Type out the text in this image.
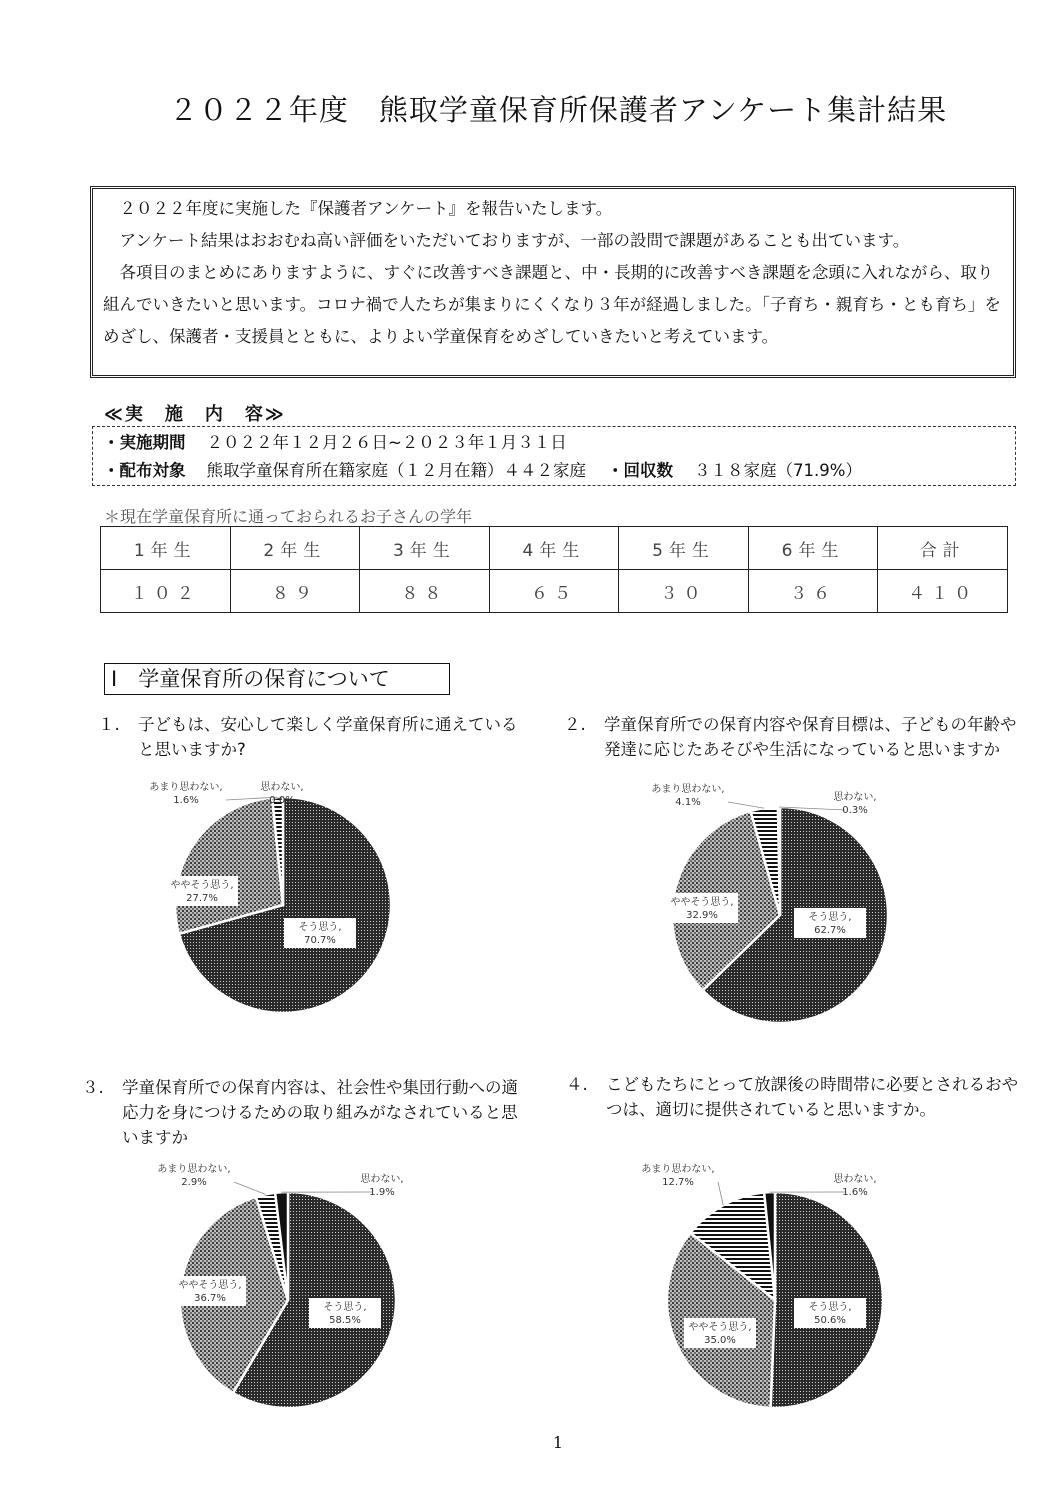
２０２２年度　熊取学童保育所保護者アンケート集計結果

２０２２年度に実施した『保護者アンケート』を報告いたします。

アンケート結果はおおむね高い評価をいただいておりますが、一部の設問で課題があることも出ています。

各項目のまとめにありますように、すぐに改善すべき課題と、中・長期的に改善すべき課題を念頭に入れながら、取り組んでいきたいと思います。コロナ禍で人たちが集まりにくくなり３年が経過しました。「子育ち・親育ち・とも育ち」をめざし、保護者・支援員とともに、よりよい学童保育をめざしていきたいと考えています。

≪実　施　内　容≫
・実施期間 ２０２２年１２月２６日~２０２３年１月３１日
・配布対象 熊取学童保育所在籍家庭（１２月在籍）４４２家庭 ・回収数 ３１８家庭（71.9%）
＊現在学童保育所に通っておられるお子さんの学年
1年生	2年生	3年生	4年生	5年生	6年生	合計
１０２	８９	８８	６５	３０	３６	４１０
Ⅰ　学童保育所の保育について
１. 子どもは、安心して楽しく学童保育所に通えていると思いますか?
２. 学童保育所での保育内容や保育目標は、子どもの年齢や発達に応じたあそびや生活になっていると思いますか
３. 学童保育所での保育内容は、社会性や集団行動への適応力を身につけるための取り組みがなされていると思いますか
４. こどもたちにとって放課後の時間帯に必要とされるおやつは、適切に提供されていると思いますか。
そう思う,
70.7%
ややそう思う,
27.7%
あまり思わない,
1.6%
思わない,
0.0%
そう思う,
62.7%
ややそう思う,
32.9%
あまり思わない,
4.1%	思わない,
0.3%
そう思う,
58.5%
ややそう思う,
36.7%
あまり思わない,
2.9%	思わない,
1.9%
そう思う,
50.6%
ややそう思う,
35.0%
あまり思わない,
12.7%	思わない,
1.6%
1
